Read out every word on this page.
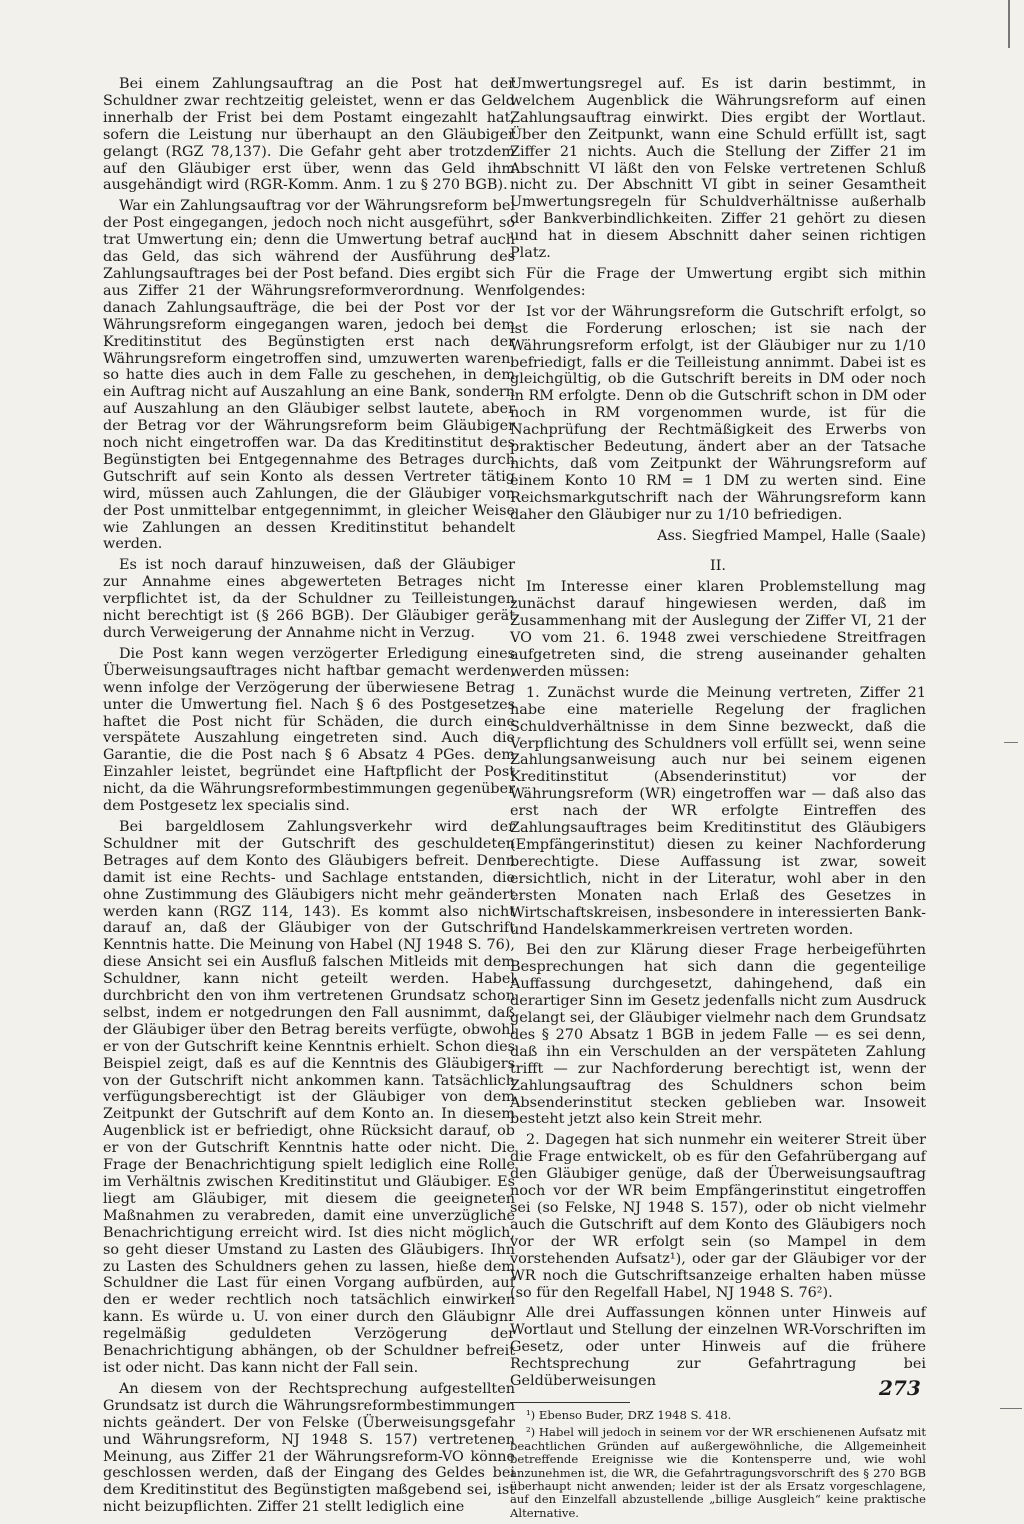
Bei einem Zahlungsauftrag an die Post hat der Schuldner zwar rechtzeitig geleistet, wenn er das Geld innerhalb der Frist bei dem Postamt eingezahlt hat, sofern die Leistung nur überhaupt an den Gläubiger gelangt (RGZ 78,137). Die Gefahr geht aber trotzdem auf den Gläubiger erst über, wenn das Geld ihm ausgehändigt wird (RGR-Komm. Anm. 1 zu § 270 BGB).

War ein Zahlungsauftrag vor der Währungsreform bei der Post eingegangen, jedoch noch nicht ausgeführt, so trat Umwertung ein; denn die Umwertung betraf auch das Geld, das sich während der Ausführung des Zahlungsauftrages bei der Post befand. Dies ergibt sich aus Ziffer 21 der Währungsreformverordnung. Wenn danach Zahlungsaufträge, die bei der Post vor der Währungsreform eingegangen waren, jedoch bei dem Kreditinstitut des Begünstigten erst nach der Währungsreform eingetroffen sind, umzuwerten waren, so hatte dies auch in dem Falle zu geschehen, in dem ein Auftrag nicht auf Auszahlung an eine Bank, sondern auf Auszahlung an den Gläubiger selbst lautete, aber der Betrag vor der Währungsreform beim Gläubiger noch nicht eingetroffen war. Da das Kreditinstitut des Begünstigten bei Entgegennahme des Betrages durch Gutschrift auf sein Konto als dessen Vertreter tätig wird, müssen auch Zahlungen, die der Gläubiger von der Post unmittelbar entgegennimmt, in gleicher Weise wie Zahlungen an dessen Kreditinstitut behandelt werden.

Es ist noch darauf hinzuweisen, daß der Gläubiger zur Annahme eines abgewerteten Betrages nicht verpflichtet ist, da der Schuldner zu Teilleistungen nicht berechtigt ist (§ 266 BGB). Der Gläubiger gerät durch Verweigerung der Annahme nicht in Verzug.

Die Post kann wegen verzögerter Erledigung eines Überweisungsauftrages nicht haftbar gemacht werden, wenn infolge der Verzögerung der überwiesene Betrag unter die Umwertung fiel. Nach § 6 des Postgesetzes haftet die Post nicht für Schäden, die durch eine verspätete Auszahlung eingetreten sind. Auch die Garantie, die die Post nach § 6 Absatz 4 PGes. dem Einzahler leistet, begründet eine Haftpflicht der Post nicht, da die Währungsreformbestimmungen gegenüber dem Postgesetz lex specialis sind.

Bei bargeldlosem Zahlungsverkehr wird der Schuldner mit der Gutschrift des geschuldeten Betrages auf dem Konto des Gläubigers befreit. Denn damit ist eine Rechts- und Sachlage entstanden, die ohne Zustimmung des Gläubigers nicht mehr geändert werden kann (RGZ 114, 143). Es kommt also nicht darauf an, daß der Gläubiger von der Gutschrift Kenntnis hatte. Die Meinung von Habel (NJ 1948 S. 76), diese Ansicht sei ein Ausfluß falschen Mitleids mit dem Schuldner, kann nicht geteilt werden. Habel durchbricht den von ihm vertretenen Grundsatz schon selbst, indem er notgedrungen den Fall ausnimmt, daß der Gläubiger über den Betrag bereits verfügte, obwohl er von der Gutschrift keine Kenntnis erhielt. Schon dies Beispiel zeigt, daß es auf die Kenntnis des Gläubigers von der Gutschrift nicht ankommen kann. Tatsächlich verfügungsberechtigt ist der Gläubiger von dem Zeitpunkt der Gutschrift auf dem Konto an. In diesem Augenblick ist er befriedigt, ohne Rücksicht darauf, ob er von der Gutschrift Kenntnis hatte oder nicht. Die Frage der Benachrichtigung spielt lediglich eine Rolle im Verhältnis zwischen Kreditinstitut und Gläubiger. Es liegt am Gläubiger, mit diesem die geeigneten Maßnahmen zu verabreden, damit eine unverzügliche Benachrichtigung erreicht wird. Ist dies nicht möglich, so geht dieser Umstand zu Lasten des Gläubigers. Ihn zu Lasten des Schuldners gehen zu lassen, hieße dem Schuldner die Last für einen Vorgang aufbürden, auf den er weder rechtlich noch tatsächlich einwirken kann. Es würde u. U. von einer durch den Gläubignr regelmäßig geduldeten Verzögerung der Benachrichtigung abhängen, ob der Schuldner befreit ist oder nicht. Das kann nicht der Fall sein.

An diesem von der Rechtsprechung aufgestellten Grundsatz ist durch die Währungsreformbestimmungen nichts geändert. Der von Felske (Überweisungsgefahr und Währungsreform, NJ 1948 S. 157) vertretenen Meinung, aus Ziffer 21 der Währungsreform-VO könne geschlossen werden, daß der Eingang des Geldes bei dem Kreditinstitut des Begünstigten maßgebend sei, ist nicht beizupflichten. Ziffer 21 stellt lediglich eine

Umwertungsregel auf. Es ist darin bestimmt, in welchem Augenblick die Währungsreform auf einen Zahlungsauftrag einwirkt. Dies ergibt der Wortlaut. Über den Zeitpunkt, wann eine Schuld erfüllt ist, sagt Ziffer 21 nichts. Auch die Stellung der Ziffer 21 im Abschnitt VI läßt den von Felske vertretenen Schluß nicht zu. Der Abschnitt VI gibt in seiner Gesamtheit Umwertungsregeln für Schuldverhältnisse außerhalb der Bankverbindlichkeiten. Ziffer 21 gehört zu diesen und hat in diesem Abschnitt daher seinen richtigen Platz.

Für die Frage der Umwertung ergibt sich mithin folgendes:

Ist vor der Währungsreform die Gutschrift erfolgt, so ist die Forderung erloschen; ist sie nach der Währungsreform erfolgt, ist der Gläubiger nur zu 1/10 befriedigt, falls er die Teilleistung annimmt. Dabei ist es gleichgültig, ob die Gutschrift bereits in DM oder noch in RM erfolgte. Denn ob die Gutschrift schon in DM oder noch in RM vorgenommen wurde, ist für die Nachprüfung der Rechtmäßigkeit des Erwerbs von praktischer Bedeutung, ändert aber an der Tatsache nichts, daß vom Zeitpunkt der Währungsreform auf einem Konto 10 RM = 1 DM zu werten sind. Eine Reichsmarkgutschrift nach der Währungsreform kann daher den Gläubiger nur zu 1/10 befriedigen.

Ass. Siegfried Mampel, Halle (Saale)
II.

Im Interesse einer klaren Problemstellung mag zunächst darauf hingewiesen werden, daß im Zusammenhang mit der Auslegung der Ziffer VI, 21 der VO vom 21. 6. 1948 zwei verschiedene Streitfragen aufgetreten sind, die streng auseinander gehalten werden müssen:

1. Zunächst wurde die Meinung vertreten, Ziffer 21 habe eine materielle Regelung der fraglichen Schuldverhältnisse in dem Sinne bezweckt, daß die Verpflichtung des Schuldners voll erfüllt sei, wenn seine Zahlungsanweisung auch nur bei seinem eigenen Kreditinstitut (Absenderinstitut) vor der Währungsreform (WR) eingetroffen war — daß also das erst nach der WR erfolgte Eintreffen des Zahlungsauftrages beim Kreditinstitut des Gläubigers (Empfängerinstitut) diesen zu keiner Nachforderung berechtigte. Diese Auffassung ist zwar, soweit ersichtlich, nicht in der Literatur, wohl aber in den ersten Monaten nach Erlaß des Gesetzes in Wirtschaftskreisen, insbesondere in interessierten Bank- und Handelskammerkreisen vertreten worden.

Bei den zur Klärung dieser Frage herbeigeführten Besprechungen hat sich dann die gegenteilige Auffassung durchgesetzt, dahingehend, daß ein derartiger Sinn im Gesetz jedenfalls nicht zum Ausdruck gelangt sei, der Gläubiger vielmehr nach dem Grundsatz des § 270 Absatz 1 BGB in jedem Falle — es sei denn, daß ihn ein Verschulden an der verspäteten Zahlung trifft — zur Nachforderung berechtigt ist, wenn der Zahlungsauftrag des Schuldners schon beim Absenderinstitut stecken geblieben war. Insoweit besteht jetzt also kein Streit mehr.

2. Dagegen hat sich nunmehr ein weiterer Streit über die Frage entwickelt, ob es für den Gefahrübergang auf den Gläubiger genüge, daß der Überweisungsauftrag noch vor der WR beim Empfängerinstitut eingetroffen sei (so Felske, NJ 1948 S. 157), oder ob nicht vielmehr auch die Gutschrift auf dem Konto des Gläubigers noch vor der WR erfolgt sein (so Mampel in dem vorstehenden Aufsatz¹), oder gar der Gläubiger vor der WR noch die Gutschriftsanzeige erhalten haben müsse (so für den Regelfall Habel, NJ 1948 S. 76²).

Alle drei Auffassungen können unter Hinweis auf Wortlaut und Stellung der einzelnen WR-Vorschriften im Gesetz, oder unter Hinweis auf die frühere Rechtsprechung zur Gefahrtragung bei Geldüberweisungen

¹) Ebenso Buder, DRZ 1948 S. 418.

²) Habel will jedoch in seinem vor der WR erschienenen Aufsatz mit beachtlichen Gründen auf außergewöhnliche, die Allgemeinheit betreffende Ereignisse wie die Kontensperre und, wie wohl anzunehmen ist, die WR, die Gefahrtragungsvorschrift des § 270 BGB überhaupt nicht anwenden; leider ist der als Ersatz vorgeschlagene, auf den Einzelfall abzustellende „billige Ausgleich“ keine praktische Alternative.

273
